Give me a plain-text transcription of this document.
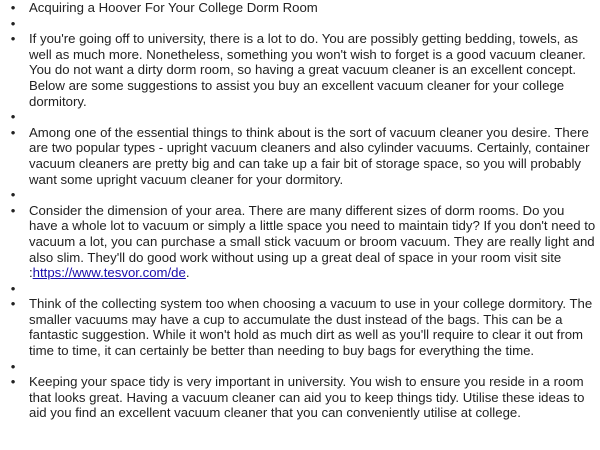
• Acquiring a Hoover For Your College Dorm Room
•
• If you're going off to university, there is a lot to do. You are possibly getting bedding, towels, as well as much more. Nonetheless, something you won't wish to forget is a good vacuum cleaner. You do not want a dirty dorm room, so having a great vacuum cleaner is an excellent concept. Below are some suggestions to assist you buy an excellent vacuum cleaner for your college dormitory.
•
• Among one of the essential things to think about is the sort of vacuum cleaner you desire. There are two popular types - upright vacuum cleaners and also cylinder vacuums. Certainly, container vacuum cleaners are pretty big and can take up a fair bit of storage space, so you will probably want some upright vacuum cleaner for your dormitory.
•
• Consider the dimension of your area. There are many different sizes of dorm rooms. Do you have a whole lot to vacuum or simply a little space you need to maintain tidy? If you don't need to vacuum a lot, you can purchase a small stick vacuum or broom vacuum. They are really light and also slim. They'll do good work without using up a great deal of space in your room visit site :https://www.tesvor.com/de.
•
• Think of the collecting system too when choosing a vacuum to use in your college dormitory. The smaller vacuums may have a cup to accumulate the dust instead of the bags. This can be a fantastic suggestion. While it won't hold as much dirt as well as you'll require to clear it out from time to time, it can certainly be better than needing to buy bags for everything the time.
•
• Keeping your space tidy is very important in university. You wish to ensure you reside in a room that looks great. Having a vacuum cleaner can aid you to keep things tidy. Utilise these ideas to aid you find an excellent vacuum cleaner that you can conveniently utilise at college.
